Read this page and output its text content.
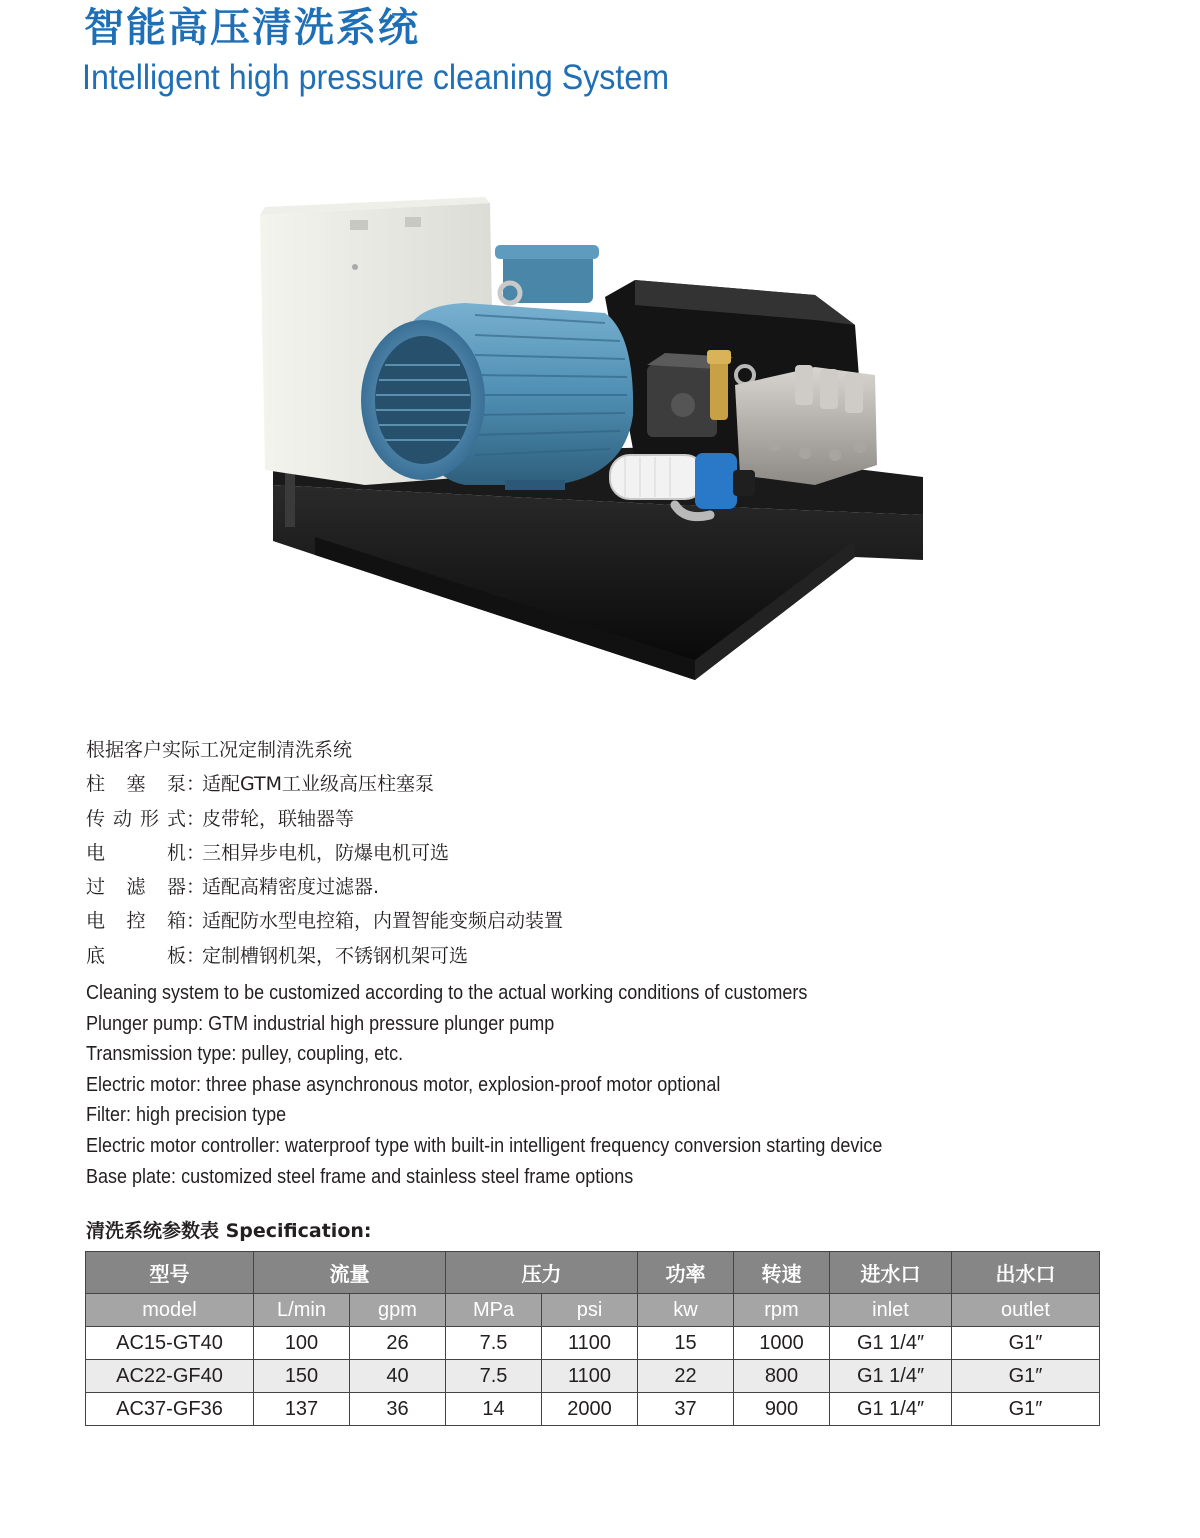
智能高压清洗系统
Intelligent high pressure cleaning System
根据客户实际工况定制清洗系统
柱塞泵：适配GTM工业级高压柱塞泵
传动形式：皮带轮，联轴器等
电机：三相异步电机，防爆电机可选
过滤器：适配高精密度过滤器.
电控箱：适配防水型电控箱，内置智能变频启动装置
底板：定制槽钢机架，不锈钢机架可选
Cleaning system to be customized according to the actual working conditions of customers
Plunger pump: GTM industrial high pressure plunger pump
Transmission type: pulley, coupling, etc.
Electric motor: three phase asynchronous motor, explosion-proof motor optional
Filter: high precision type
Electric motor controller: waterproof type with built-in intelligent frequency conversion starting device
Base plate: customized steel frame and stainless steel frame options
清洗系统参数表 Specification:
型号	流量		压力		功率	转速	进水口	出水口
model	L/min	gpm	MPa	psi	kw	rpm	inlet	outlet
AC15-GT40	100	26	7.5	1100	15	1000	G1 1/4″	G1″
AC22-GF40	150	40	7.5	1100	22	800	G1 1/4″	G1″
AC37-GF36	137	36	14	2000	37	900	G1 1/4″	G1″
